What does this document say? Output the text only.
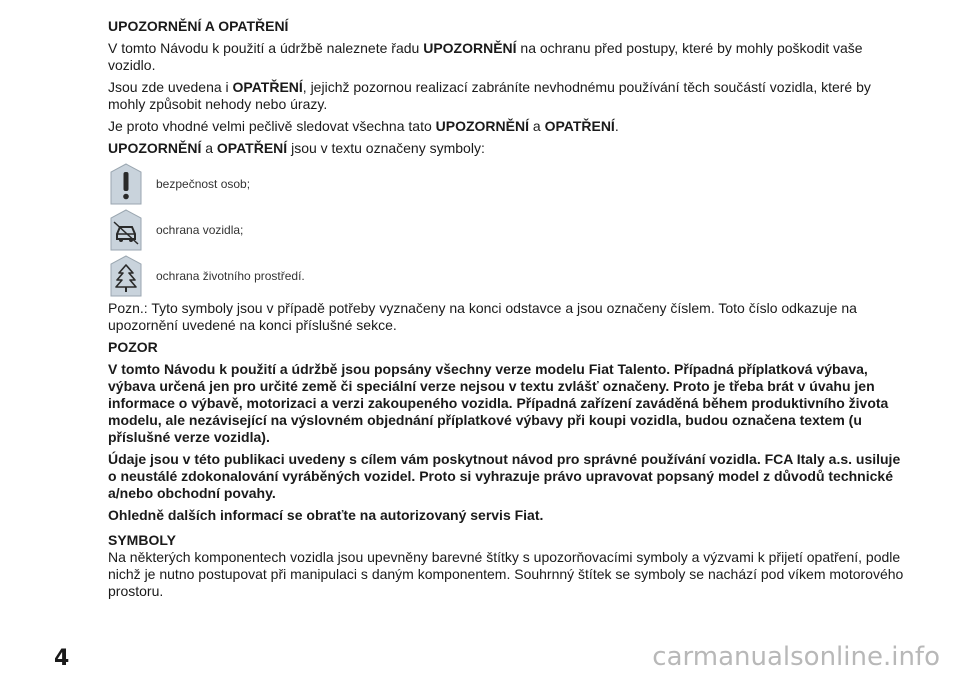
UPOZORNĚNÍ A OPATŘENÍ

V tomto Návodu k použití a údržbě naleznete řadu UPOZORNĚNÍ na ochranu před postupy, které by mohly poškodit vaše vozidlo.

Jsou zde uvedena i OPATŘENÍ, jejichž pozornou realizací zabráníte nevhodnému používání těch součástí vozidla, které by mohly způsobit nehody nebo úrazy.

Je proto vhodné velmi pečlivě sledovat všechna tato UPOZORNĚNÍ a OPATŘENÍ.

UPOZORNĚNÍ a OPATŘENÍ jsou v textu označeny symboly:

bezpečnost osob;
ochrana vozidla;
ochrana životního prostředí.

Pozn.: Tyto symboly jsou v případě potřeby vyznačeny na konci odstavce a jsou označeny číslem. Toto číslo odkazuje na upozornění uvedené na konci příslušné sekce.

POZOR

V tomto Návodu k použití a údržbě jsou popsány všechny verze modelu Fiat Talento. Případná příplatková výbava, výbava určená jen pro určité země či speciální verze nejsou v textu zvlášť označeny. Proto je třeba brát v úvahu jen informace o výbavě, motorizaci a verzi zakoupeného vozidla. Případná zařízení zaváděná během produktivního života modelu, ale nezávisející na výslovném objednání příplatkové výbavy při koupi vozidla, budou označena textem (u příslušné verze vozidla).

Údaje jsou v této publikaci uvedeny s cílem vám poskytnout návod pro správné používání vozidla. FCA Italy a.s. usiluje o neustálé zdokonalování vyráběných vozidel. Proto si vyhrazuje právo upravovat popsaný model z důvodů technické a/nebo obchodní povahy.

Ohledně dalších informací se obraťte na autorizovaný servis Fiat.

SYMBOLY

Na některých komponentech vozidla jsou upevněny barevné štítky s upozorňovacími symboly a výzvami k přijetí opatření, podle nichž je nutno postupovat při manipulaci s daným komponentem. Souhrnný štítek se symboly se nachází pod víkem motorového prostoru.

4	carmanualsonline.info
